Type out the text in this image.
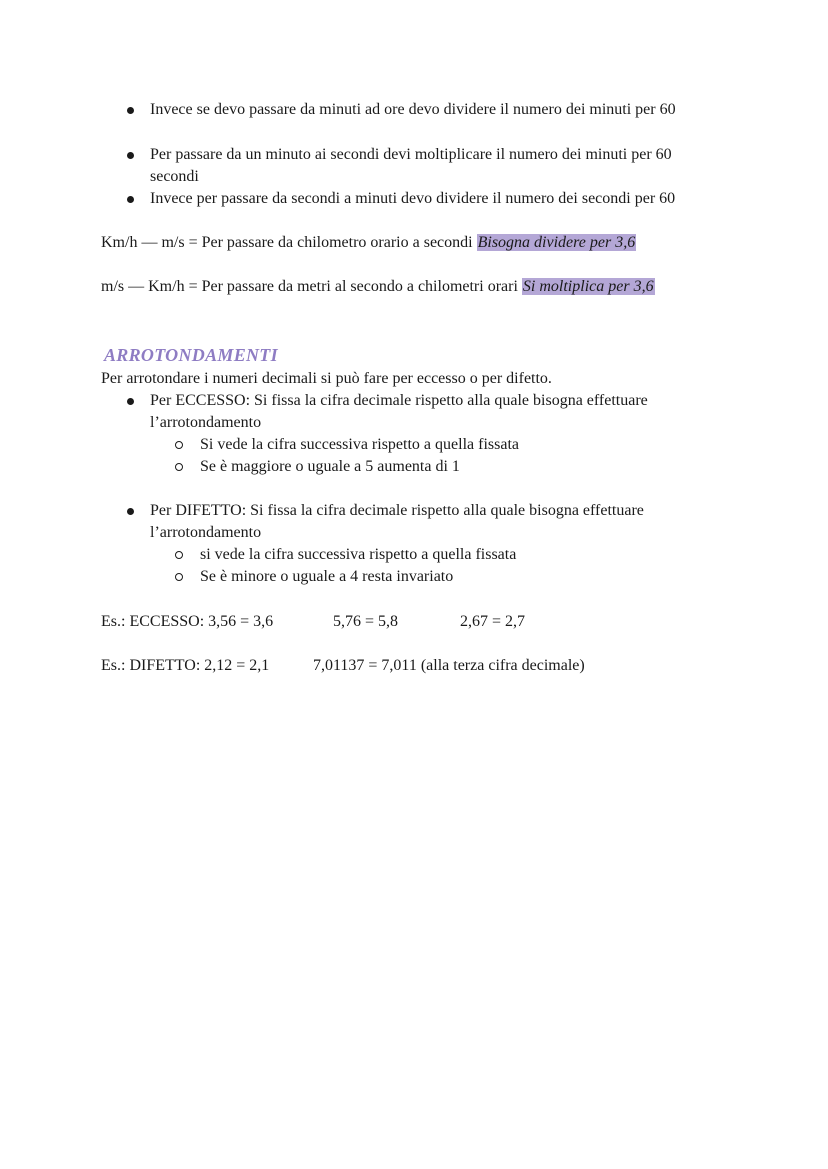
Invece se devo passare da minuti ad ore devo dividere il numero dei minuti per 60
Per passare da un minuto ai secondi devi moltiplicare il numero dei minuti per 60
secondi
Invece per passare da secondi a minuti devo dividere il numero dei secondi per 60
Km/h — m/s = Per passare da chilometro orario a secondi Bisogna dividere per 3,6
m/s — Km/h = Per passare da metri al secondo a chilometri orari Si moltiplica per 3,6
ARROTONDAMENTI
Per arrotondare i numeri decimali si può fare per eccesso o per difetto.
Per ECCESSO: Si fissa la cifra decimale rispetto alla quale bisogna effettuare
l’arrotondamento
Si vede la cifra successiva rispetto a quella fissata
Se è maggiore o uguale a 5 aumenta di 1
Per DIFETTO: Si fissa la cifra decimale rispetto alla quale bisogna effettuare
l’arrotondamento
si vede la cifra successiva rispetto a quella fissata
Se è minore o uguale a 4 resta invariato
Es.: ECCESSO: 3,56 = 3,6	5,76 = 5,8	2,67 = 2,7
Es.: DIFETTO: 2,12 = 2,1	7,01137 = 7,011 (alla terza cifra decimale)
